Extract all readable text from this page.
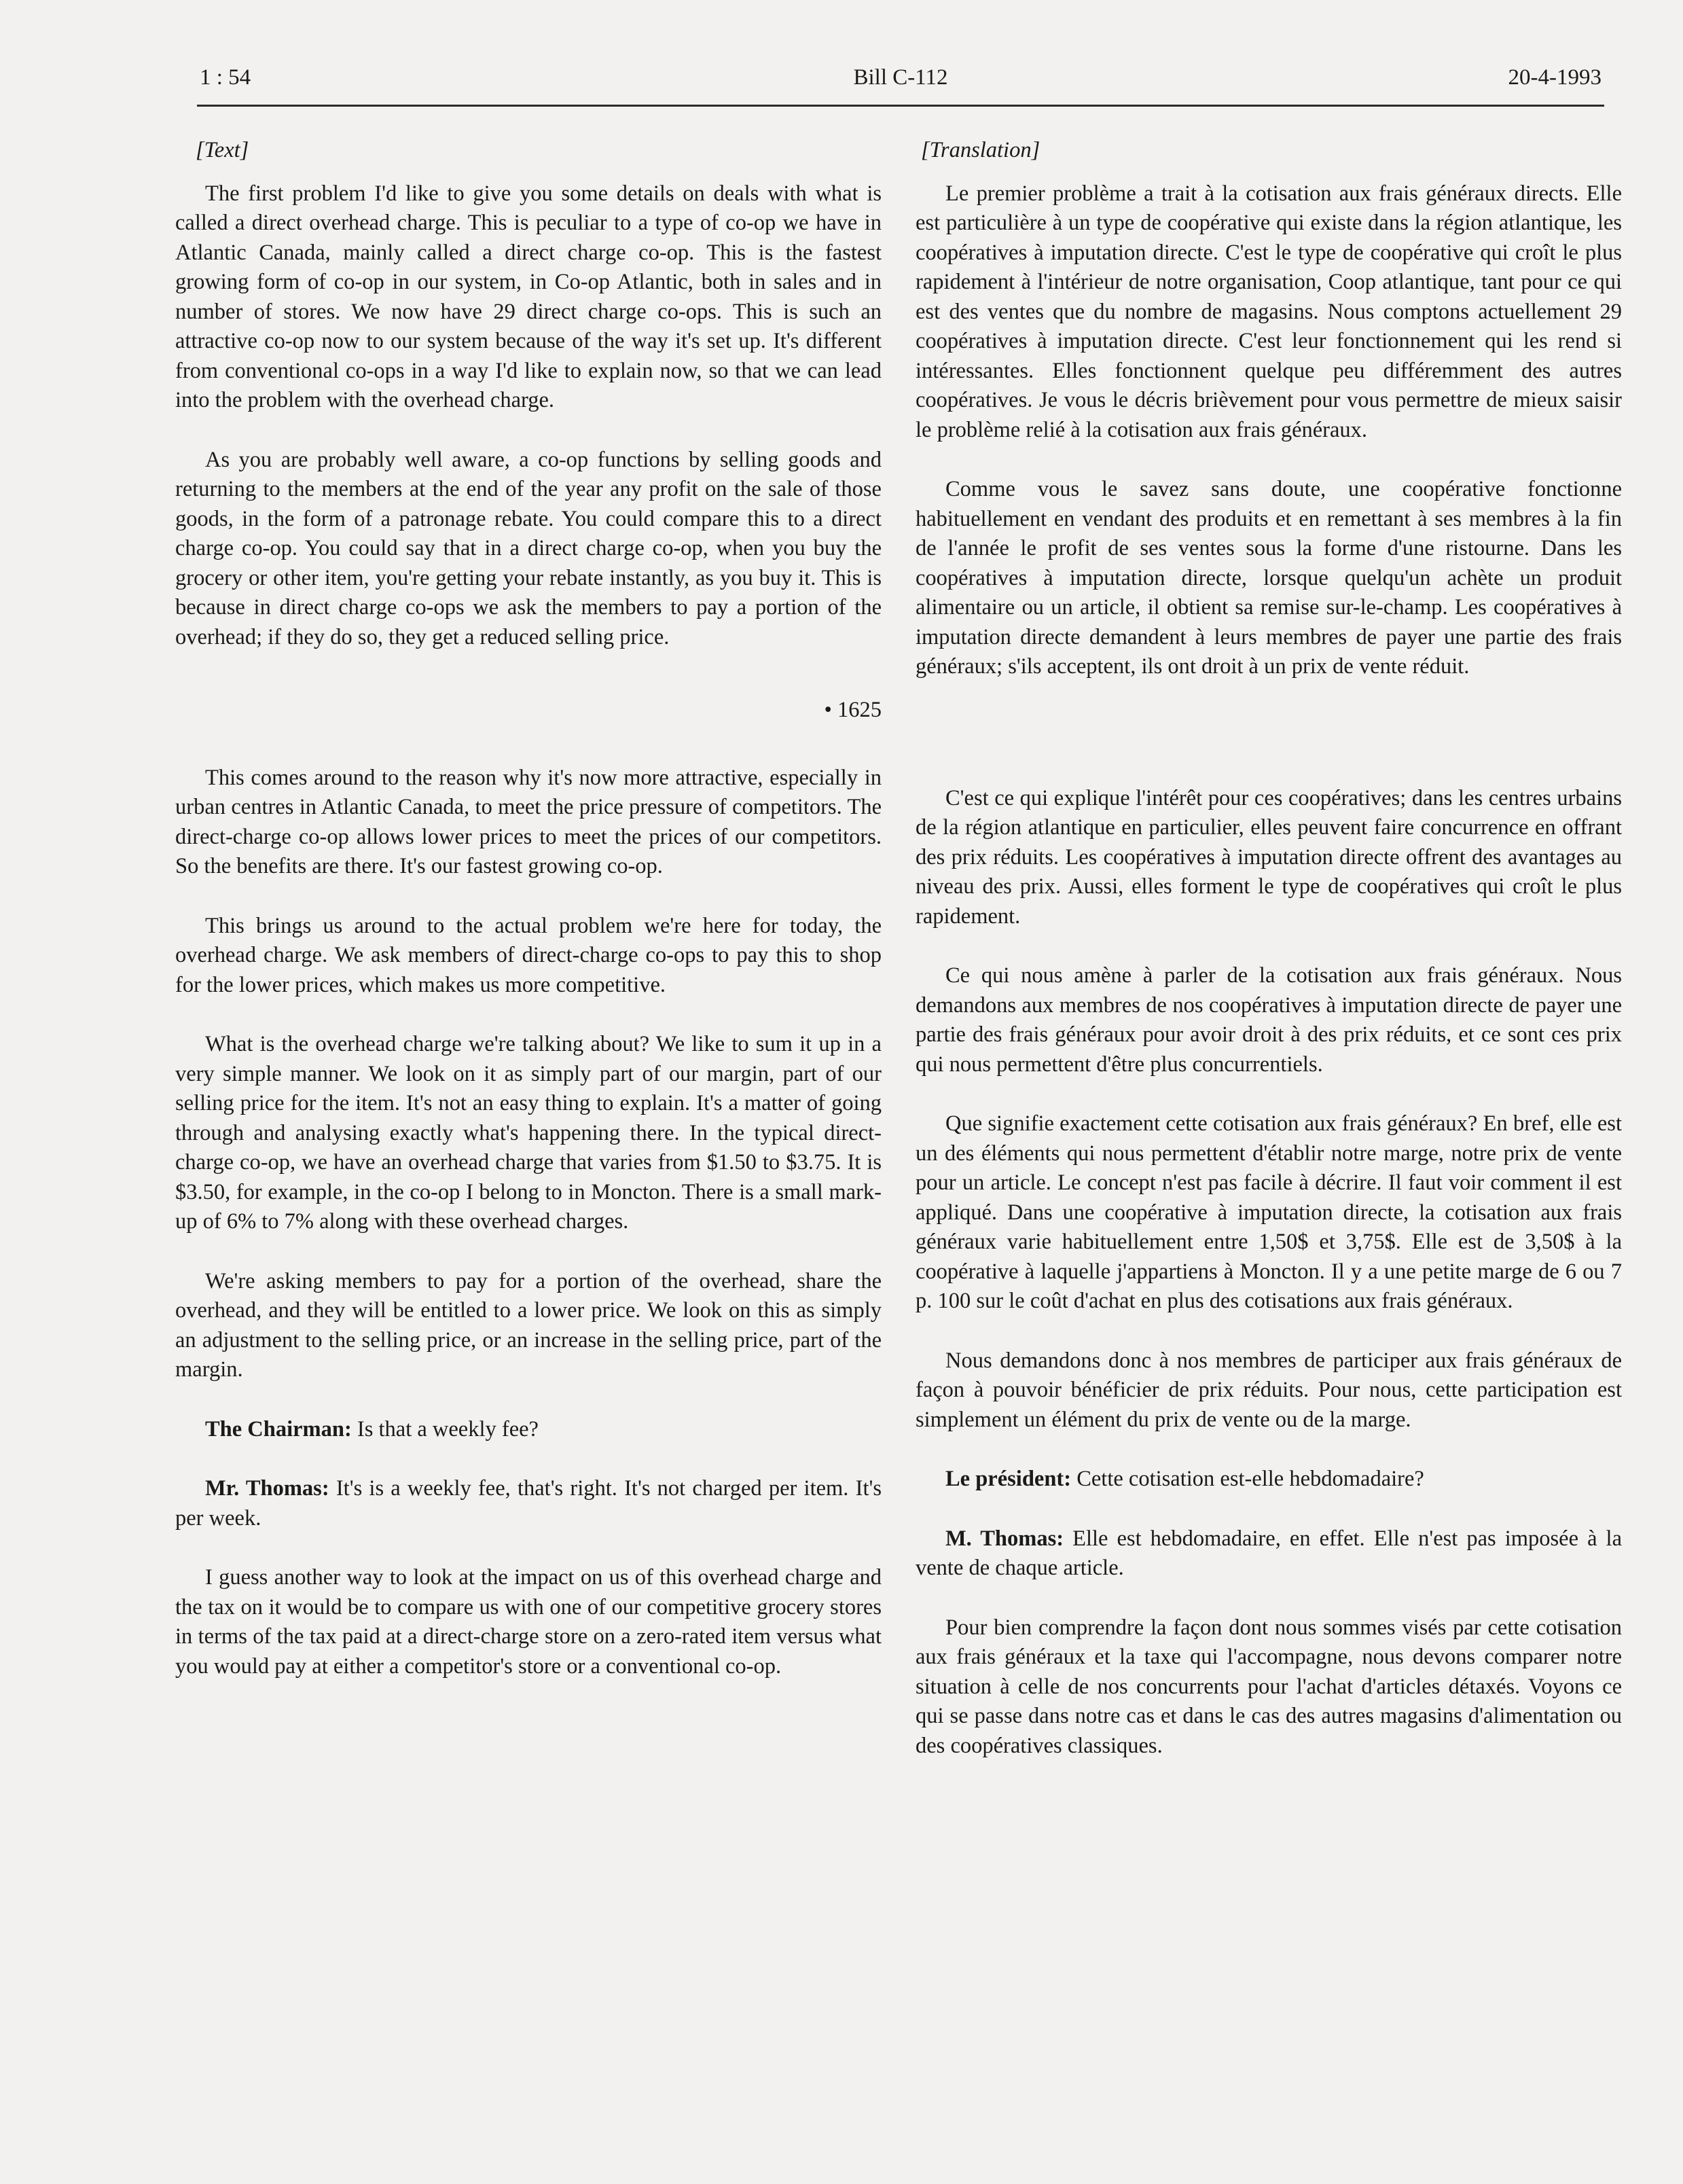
1 : 54	Bill C-112	20-4-1993

[Text]

The first problem I'd like to give you some details on deals with what is called a direct overhead charge. This is peculiar to a type of co-op we have in Atlantic Canada, mainly called a direct charge co-op. This is the fastest growing form of co-op in our system, in Co-op Atlantic, both in sales and in number of stores. We now have 29 direct charge co-ops. This is such an attractive co-op now to our system because of the way it's set up. It's different from conventional co-ops in a way I'd like to explain now, so that we can lead into the problem with the overhead charge.

As you are probably well aware, a co-op functions by selling goods and returning to the members at the end of the year any profit on the sale of those goods, in the form of a patronage rebate. You could compare this to a direct charge co-op. You could say that in a direct charge co-op, when you buy the grocery or other item, you're getting your rebate instantly, as you buy it. This is because in direct charge co-ops we ask the members to pay a portion of the overhead; if they do so, they get a reduced selling price.

• 1625

This comes around to the reason why it's now more attractive, especially in urban centres in Atlantic Canada, to meet the price pressure of competitors. The direct-charge co-op allows lower prices to meet the prices of our competitors. So the benefits are there. It's our fastest growing co-op.

This brings us around to the actual problem we're here for today, the overhead charge. We ask members of direct-charge co-ops to pay this to shop for the lower prices, which makes us more competitive.

What is the overhead charge we're talking about? We like to sum it up in a very simple manner. We look on it as simply part of our margin, part of our selling price for the item. It's not an easy thing to explain. It's a matter of going through and analysing exactly what's happening there. In the typical direct-charge co-op, we have an overhead charge that varies from $1.50 to $3.75. It is $3.50, for example, in the co-op I belong to in Moncton. There is a small mark-up of 6% to 7% along with these overhead charges.

We're asking members to pay for a portion of the overhead, share the overhead, and they will be entitled to a lower price. We look on this as simply an adjustment to the selling price, or an increase in the selling price, part of the margin.

The Chairman: Is that a weekly fee?

Mr. Thomas: It's is a weekly fee, that's right. It's not charged per item. It's per week.

I guess another way to look at the impact on us of this overhead charge and the tax on it would be to compare us with one of our competitive grocery stores in terms of the tax paid at a direct-charge store on a zero-rated item versus what you would pay at either a competitor's store or a conventional co-op.

[Translation]

Le premier problème a trait à la cotisation aux frais généraux directs. Elle est particulière à un type de coopérative qui existe dans la région atlantique, les coopératives à imputation directe. C'est le type de coopérative qui croît le plus rapidement à l'intérieur de notre organisation, Coop atlantique, tant pour ce qui est des ventes que du nombre de magasins. Nous comptons actuellement 29 coopératives à imputation directe. C'est leur fonctionnement qui les rend si intéressantes. Elles fonctionnent quelque peu différemment des autres coopératives. Je vous le décris brièvement pour vous permettre de mieux saisir le problème relié à la cotisation aux frais généraux.

Comme vous le savez sans doute, une coopérative fonctionne habituellement en vendant des produits et en remettant à ses membres à la fin de l'année le profit de ses ventes sous la forme d'une ristourne. Dans les coopératives à imputation directe, lorsque quelqu'un achète un produit alimentaire ou un article, il obtient sa remise sur-le-champ. Les coopératives à imputation directe demandent à leurs membres de payer une partie des frais généraux; s'ils acceptent, ils ont droit à un prix de vente réduit.

C'est ce qui explique l'intérêt pour ces coopératives; dans les centres urbains de la région atlantique en particulier, elles peuvent faire concurrence en offrant des prix réduits. Les coopératives à imputation directe offrent des avantages au niveau des prix. Aussi, elles forment le type de coopératives qui croît le plus rapidement.

Ce qui nous amène à parler de la cotisation aux frais généraux. Nous demandons aux membres de nos coopératives à imputation directe de payer une partie des frais généraux pour avoir droit à des prix réduits, et ce sont ces prix qui nous permettent d'être plus concurrentiels.

Que signifie exactement cette cotisation aux frais généraux? En bref, elle est un des éléments qui nous permettent d'établir notre marge, notre prix de vente pour un article. Le concept n'est pas facile à décrire. Il faut voir comment il est appliqué. Dans une coopérative à imputation directe, la cotisation aux frais généraux varie habituellement entre 1,50$ et 3,75$. Elle est de 3,50$ à la coopérative à laquelle j'appartiens à Moncton. Il y a une petite marge de 6 ou 7 p. 100 sur le coût d'achat en plus des cotisations aux frais généraux.

Nous demandons donc à nos membres de participer aux frais généraux de façon à pouvoir bénéficier de prix réduits. Pour nous, cette participation est simplement un élément du prix de vente ou de la marge.

Le président: Cette cotisation est-elle hebdomadaire?

M. Thomas: Elle est hebdomadaire, en effet. Elle n'est pas imposée à la vente de chaque article.

Pour bien comprendre la façon dont nous sommes visés par cette cotisation aux frais généraux et la taxe qui l'accompagne, nous devons comparer notre situation à celle de nos concurrents pour l'achat d'articles détaxés. Voyons ce qui se passe dans notre cas et dans le cas des autres magasins d'alimentation ou des coopératives classiques.
